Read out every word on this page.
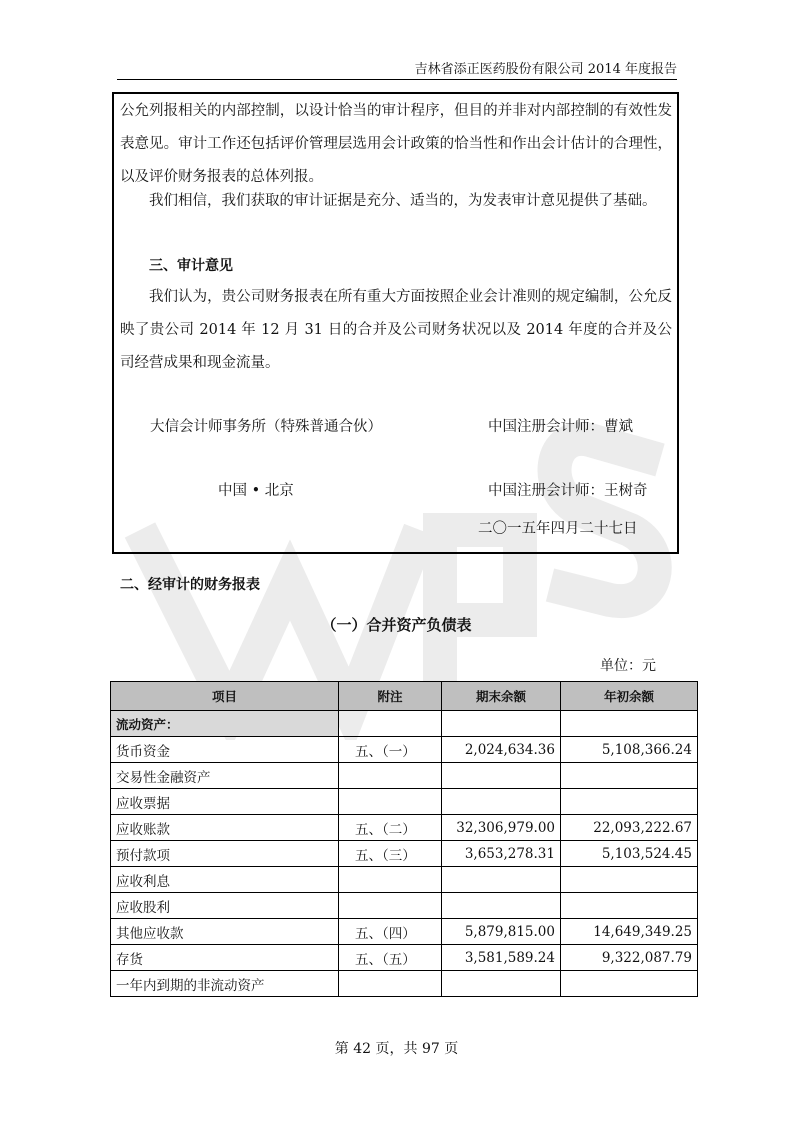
吉林省添正医药股份有限公司 2014 年度报告

公允列报相关的内部控制，以设计恰当的审计程序，但目的并非对内部控制的有效性发表意见。审计工作还包括评价管理层选用会计政策的恰当性和作出会计估计的合理性，以及评价财务报表的总体列报。

我们相信，我们获取的审计证据是充分、适当的，为发表审计意见提供了基础。

三、审计意见

我们认为，贵公司财务报表在所有重大方面按照企业会计准则的规定编制，公允反映了贵公司 2014 年 12 月 31 日的合并及公司财务状况以及 2014 年度的合并及公司经营成果和现金流量。

大信会计师事务所（特殊普通合伙）	中国注册会计师：曹斌
中国 • 北京	中国注册会计师：王树奇
二〇一五年四月二十七日
二、经审计的财务报表
（一）合并资产负债表
单位：元
项目	附注	期末余额	年初余额
流动资产：			
货币资金	五、（一）	2,024,634.36	5,108,366.24
交易性金融资产			
应收票据			
应收账款	五、（二）	32,306,979.00	22,093,222.67
预付款项	五、（三）	3,653,278.31	5,103,524.45
应收利息			
应收股利			
其他应收款	五、（四）	5,879,815.00	14,649,349.25
存货	五、（五）	3,581,589.24	9,322,087.79
一年内到期的非流动资产			
第 42 页，共 97 页
